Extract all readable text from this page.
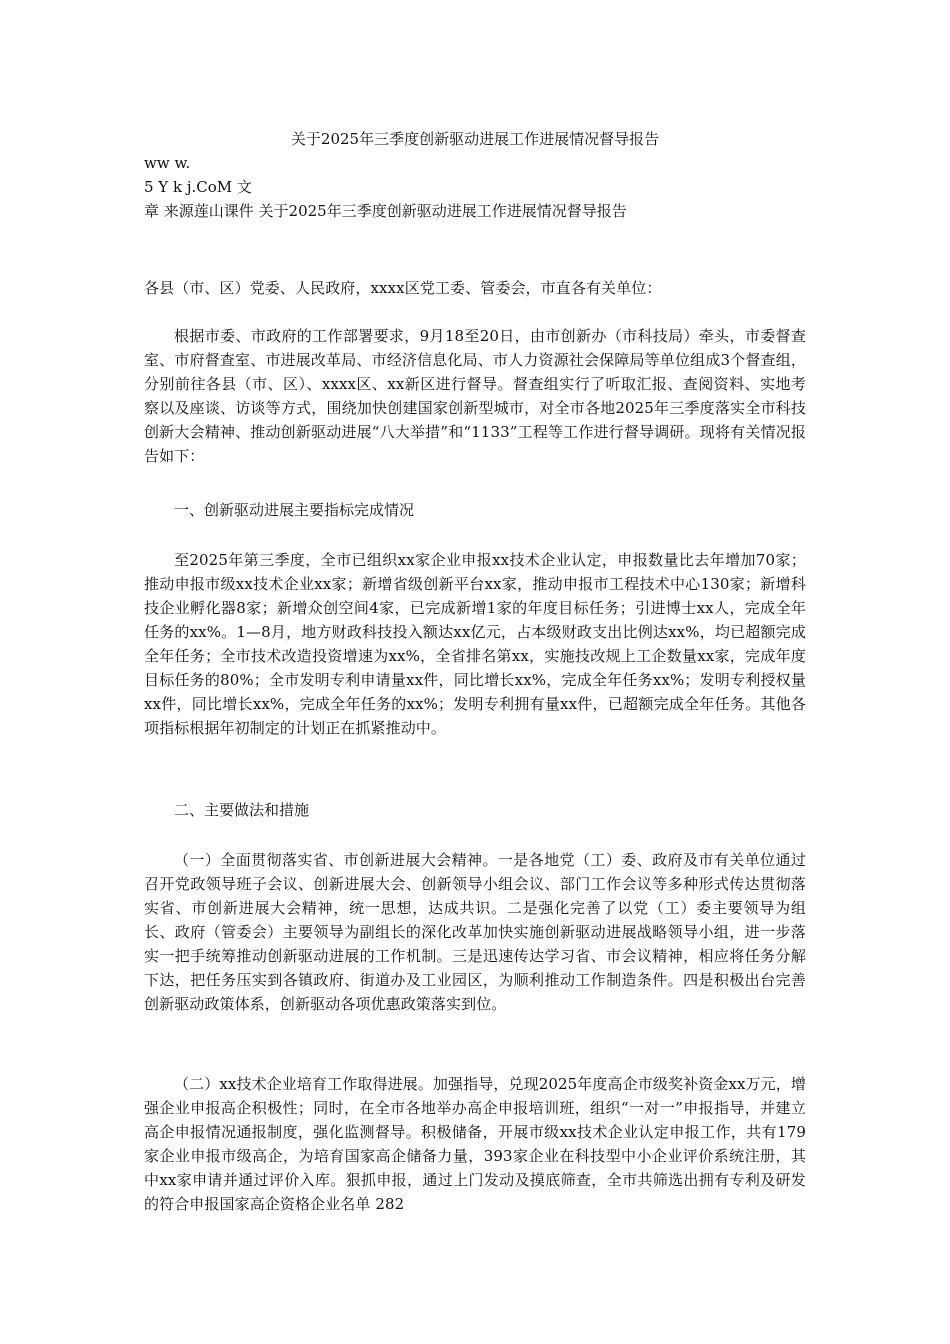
关于2025年三季度创新驱动进展工作进展情况督导报告
ww w.
5 Y k j.CoM 文
章 来源莲山课件 关于2025年三季度创新驱动进展工作进展情况督导报告
各县（市、区）党委、人民政府，xxxx区党工委、管委会，市直各有关单位：
根据市委、市政府的工作部署要求，9月18至20日，由市创新办（市科技局）牵头，市委督查室、市府督查室、市进展改革局、市经济信息化局、市人力资源社会保障局等单位组成3个督查组，分别前往各县（市、区）、xxxx区、xx新区进行督导。督查组实行了听取汇报、查阅资料、实地考察以及座谈、访谈等方式，围绕加快创建国家创新型城市，对全市各地2025年三季度落实全市科技创新大会精神、推动创新驱动进展“八大举措”和“1133”工程等工作进行督导调研。现将有关情况报告如下：
一、创新驱动进展主要指标完成情况
至2025年第三季度，全市已组织xx家企业申报xx技术企业认定，申报数量比去年增加70家；推动申报市级xx技术企业xx家；新增省级创新平台xx家，推动申报市工程技术中心130家；新增科技企业孵化器8家；新增众创空间4家，已完成新增1家的年度目标任务；引进博士xx人，完成全年任务的xx%。1—8月，地方财政科技投入额达xx亿元，占本级财政支出比例达xx%，均已超额完成全年任务；全市技术改造投资增速为xx%，全省排名第xx，实施技改规上工企数量xx家，完成年度目标任务的80%；全市发明专利申请量xx件，同比增长xx%，完成全年任务xx%；发明专利授权量xx件，同比增长xx%，完成全年任务的xx%；发明专利拥有量xx件，已超额完成全年任务。其他各项指标根据年初制定的计划正在抓紧推动中。
二、主要做法和措施
（一）全面贯彻落实省、市创新进展大会精神。一是各地党（工）委、政府及市有关单位通过召开党政领导班子会议、创新进展大会、创新领导小组会议、部门工作会议等多种形式传达贯彻落实省、市创新进展大会精神，统一思想，达成共识。二是强化完善了以党（工）委主要领导为组长、政府（管委会）主要领导为副组长的深化改革加快实施创新驱动进展战略领导小组，进一步落实一把手统筹推动创新驱动进展的工作机制。三是迅速传达学习省、市会议精神，相应将任务分解下达，把任务压实到各镇政府、街道办及工业园区，为顺利推动工作制造条件。四是积极出台完善创新驱动政策体系，创新驱动各项优惠政策落实到位。
（二）xx技术企业培育工作取得进展。加强指导，兑现2025年度高企市级奖补资金xx万元，增强企业申报高企积极性；同时，在全市各地举办高企申报培训班，组织“一对一”申报指导，并建立高企申报情况通报制度，强化监测督导。积极储备，开展市级xx技术企业认定申报工作，共有179家企业申报市级高企，为培育国家高企储备力量，393家企业在科技型中小企业评价系统注册，其中xx家申请并通过评价入库。狠抓申报，通过上门发动及摸底筛查，全市共筛选出拥有专利及研发的符合申报国家高企资格企业名单 282
